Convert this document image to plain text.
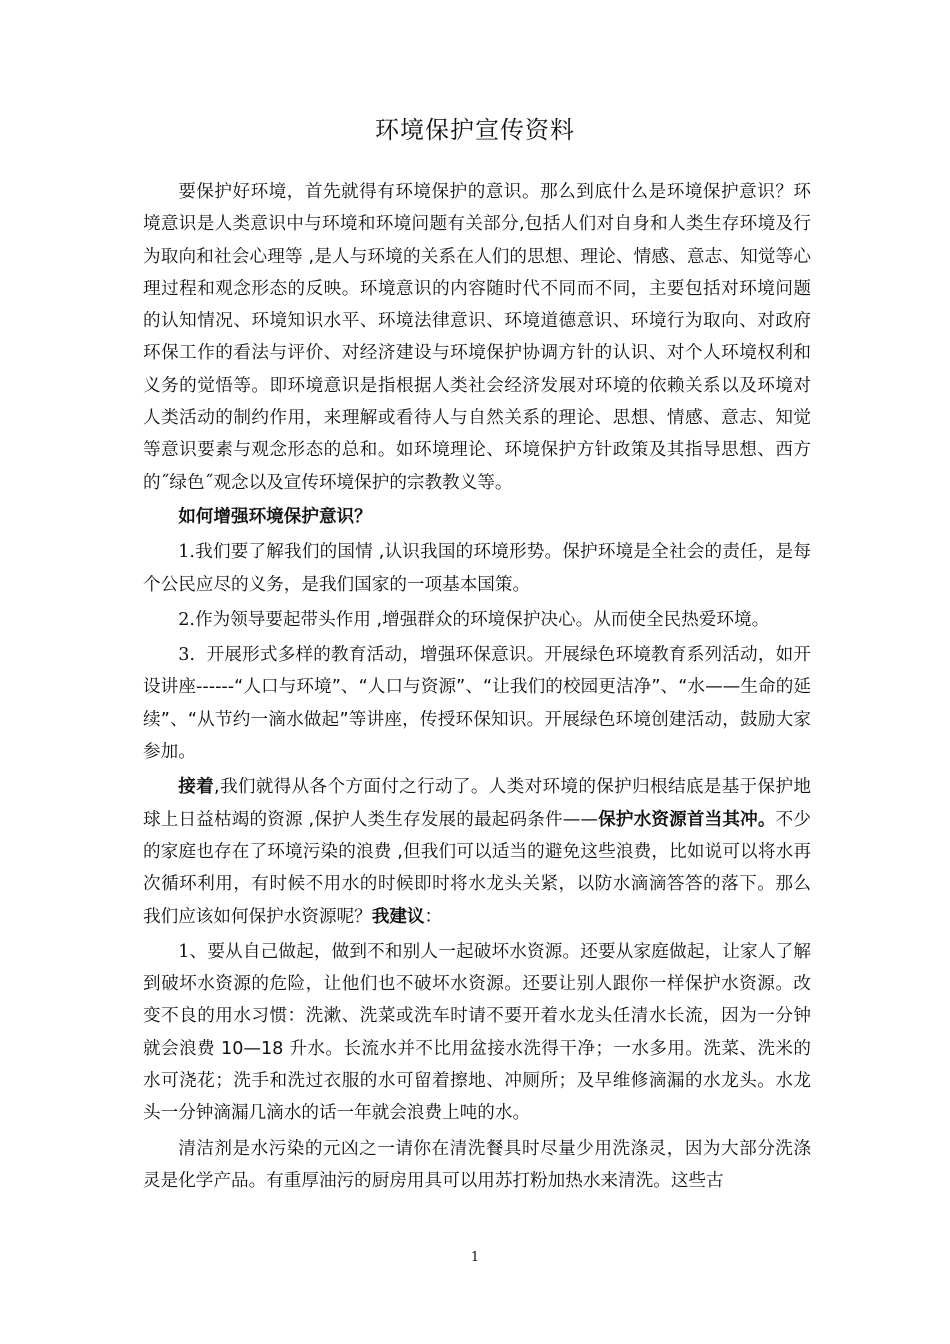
环境保护宣传资料

要保护好环境，首先就得有环境保护的意识。那么到底什么是环境保护意识？环境意识是人类意识中与环境和环境问题有关部分,包括人们对自身和人类生存环境及行为取向和社会心理等 ,是人与环境的关系在人们的思想、理论、情感、意志、知觉等心理过程和观念形态的反映。环境意识的内容随时代不同而不同，主要包括对环境问题的认知情况、环境知识水平、环境法律意识、环境道德意识、环境行为取向、对政府环保工作的看法与评价、对经济建设与环境保护协调方针的认识、对个人环境权利和义务的觉悟等。即环境意识是指根据人类社会经济发展对环境的依赖关系以及环境对人类活动的制约作用，来理解或看待人与自然关系的理论、思想、情感、意志、知觉等意识要素与观念形态的总和。如环境理论、环境保护方针政策及其指导思想、西方的˝绿色˝观念以及宣传环境保护的宗教教义等。

如何增强环境保护意识？

1.我们要了解我们的国情 ,认识我国的环境形势。保护环境是全社会的责任，是每个公民应尽的义务，是我们国家的一项基本国策。

2.作为领导要起带头作用 ,增强群众的环境保护决心。从而使全民热爱环境。

3. 开展形式多样的教育活动，增强环保意识。开展绿色环境教育系列活动，如开设讲座------“人口与环境”、“人口与资源”、“让我们的校园更洁净”、“水——生命的延续”、“从节约一滴水做起”等讲座，传授环保知识。开展绿色环境创建活动，鼓励大家参加。

接着,我们就得从各个方面付之行动了。人类对环境的保护归根结底是基于保护地球上日益枯竭的资源 ,保护人类生存发展的最起码条件——保护水资源首当其冲。不少的家庭也存在了环境污染的浪费 ,但我们可以适当的避免这些浪费，比如说可以将水再次循环利用，有时候不用水的时候即时将水龙头关紧，以防水滴滴答答的落下。那么我们应该如何保护水资源呢？我建议：

1、要从自己做起，做到不和别人一起破坏水资源。还要从家庭做起，让家人了解到破坏水资源的危险，让他们也不破坏水资源。还要让别人跟你一样保护水资源。改变不良的用水习惯：洗漱、洗菜或洗车时请不要开着水龙头任清水长流，因为一分钟就会浪费 10—18 升水。长流水并不比用盆接水洗得干净；一水多用。洗菜、洗米的水可浇花；洗手和洗过衣服的水可留着擦地、冲厕所；及早维修滴漏的水龙头。水龙头一分钟滴漏几滴水的话一年就会浪费上吨的水。

清洁剂是水污染的元凶之一请你在清洗餐具时尽量少用洗涤灵，因为大部分洗涤灵是化学产品。有重厚油污的厨房用具可以用苏打粉加热水来清洗。这些古

1
